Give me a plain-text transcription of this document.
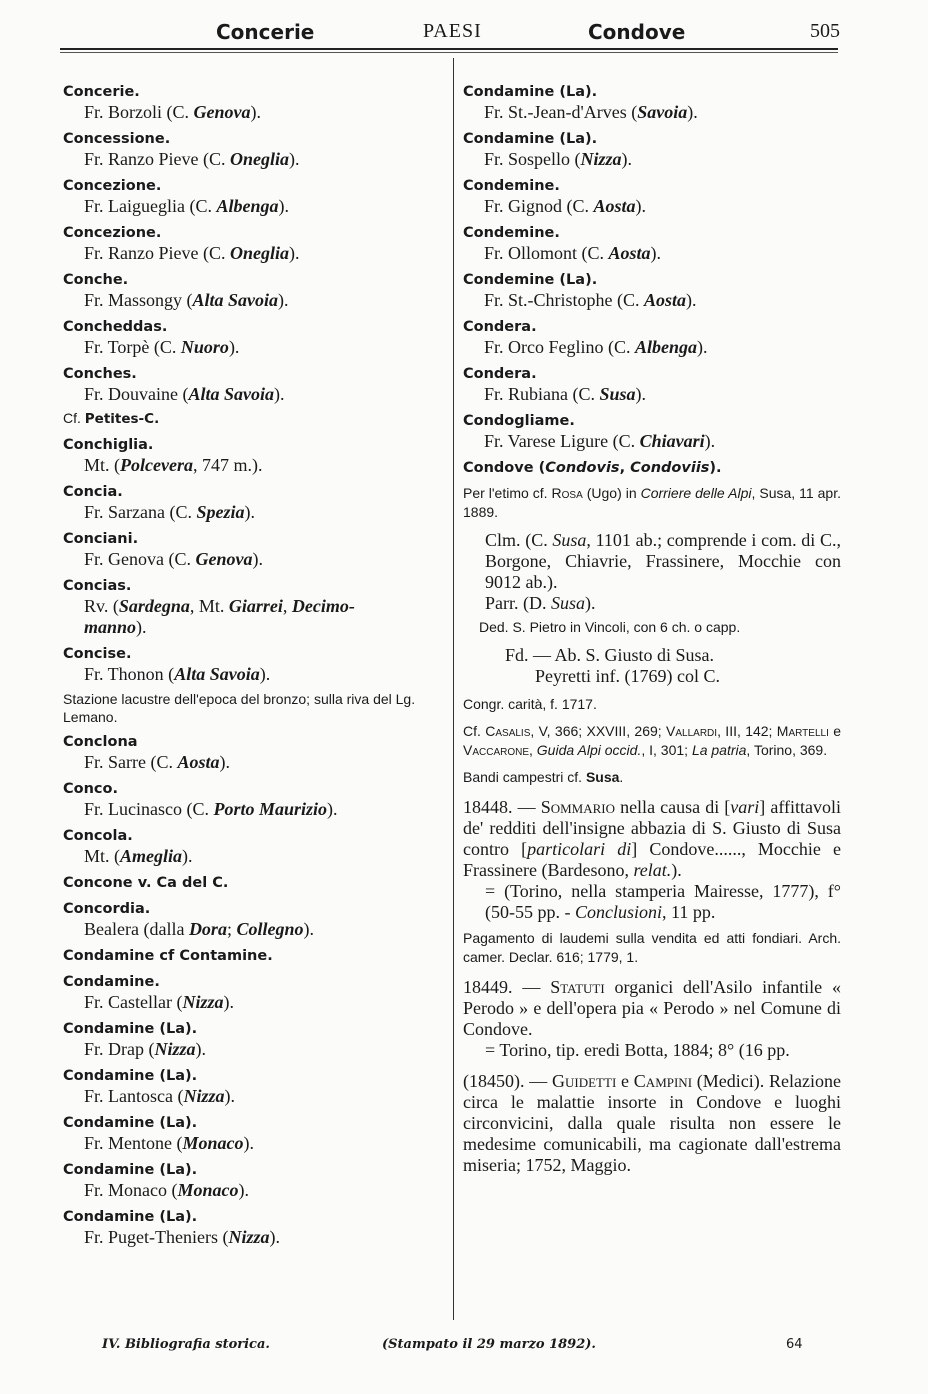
Concerie	PAESI	Condove	505
Concerie.
Fr. Borzoli (C. Genova).
Concessione.
Fr. Ranzo Pieve (C. Oneglia).
Concezione.
Fr. Laigueglia (C. Albenga).
Concezione.
Fr. Ranzo Pieve (C. Oneglia).
Conche.
Fr. Massongy (Alta Savoia).
Concheddas.
Fr. Torpè (C. Nuoro).
Conches.
Fr. Douvaine (Alta Savoia).
Cf. Petites-C.
Conchiglia.
Mt. (Polcevera, 747 m.).
Concia.
Fr. Sarzana (C. Spezia).
Conciani.
Fr. Genova (C. Genova).
Concias.
Rv. (Sardegna, Mt. Giarrei, Decimo-
manno).
Concise.
Fr. Thonon (Alta Savoia).
Stazione lacustre dell'epoca del bronzo; sulla riva del Lg. Lemano.
Conclona
Fr. Sarre (C. Aosta).
Conco.
Fr. Lucinasco (C. Porto Maurizio).
Concola.
Mt. (Ameglia).
Concone v. Ca del C.
Concordia.
Bealera (dalla Dora; Collegno).
Condamine cf Contamine.
Condamine.
Fr. Castellar (Nizza).
Condamine (La).
Fr. Drap (Nizza).
Condamine (La).
Fr. Lantosca (Nizza).
Condamine (La).
Fr. Mentone (Monaco).
Condamine (La).
Fr. Monaco (Monaco).
Condamine (La).
Fr. Puget-Theniers (Nizza).
Condamine (La).
Fr. St.-Jean-d'Arves (Savoia).
Condamine (La).
Fr. Sospello (Nizza).
Condemine.
Fr. Gignod (C. Aosta).
Condemine.
Fr. Ollomont (C. Aosta).
Condemine (La).
Fr. St.-Christophe (C. Aosta).
Condera.
Fr. Orco Feglino (C. Albenga).
Condera.
Fr. Rubiana (C. Susa).
Condogliame.
Fr. Varese Ligure (C. Chiavari).
Condove (Condovis, Condoviis).
Per l'etimo cf. Rosa (Ugo) in Corriere delle Alpi, Susa, 11 apr. 1889.
Clm. (C. Susa, 1101 ab.; comprende i com. di C., Borgone, Chiavrie, Frassinere, Mocchie con 9012 ab.).
Parr. (D. Susa).
Ded. S. Pietro in Vincoli, con 6 ch. o capp.
Fd. — Ab. S. Giusto di Susa.
Peyretti inf. (1769) col C.
Congr. carità, f. 1717.
Cf. Casalis, V, 366; XXVIII, 269; Vallardi, III, 142; Martelli e Vaccarone, Guida Alpi occid., I, 301; La patria, Torino, 369.
Bandi campestri cf. Susa.
18448. — Sommario nella causa di [vari] affittavoli de' redditi dell'insigne abbazia di S. Giusto di Susa contro [particolari di] Condove......, Mocchie e Frassinere (Bardesono, relat.).
= (Torino, nella stamperia Mairesse, 1777), f° (50-55 pp. - Conclusioni, 11 pp.
Pagamento di laudemi sulla vendita ed atti fondiari. Arch. camer. Declar. 616; 1779, 1.
18449. — Statuti organici dell'Asilo infantile « Perodo » e dell'opera pia « Perodo » nel Comune di Condove.
= Torino, tip. eredi Botta, 1884; 8° (16 pp.
(18450). — Guidetti e Campini (Medici). Relazione circa le malattie insorte in Condove e luoghi circonvicini, dalla quale risulta non essere le medesime comunicabili, ma cagionate dall'estrema miseria; 1752, Maggio.
IV. Bibliografia storica.	(Stampato il 29 marzo 1892).	64
